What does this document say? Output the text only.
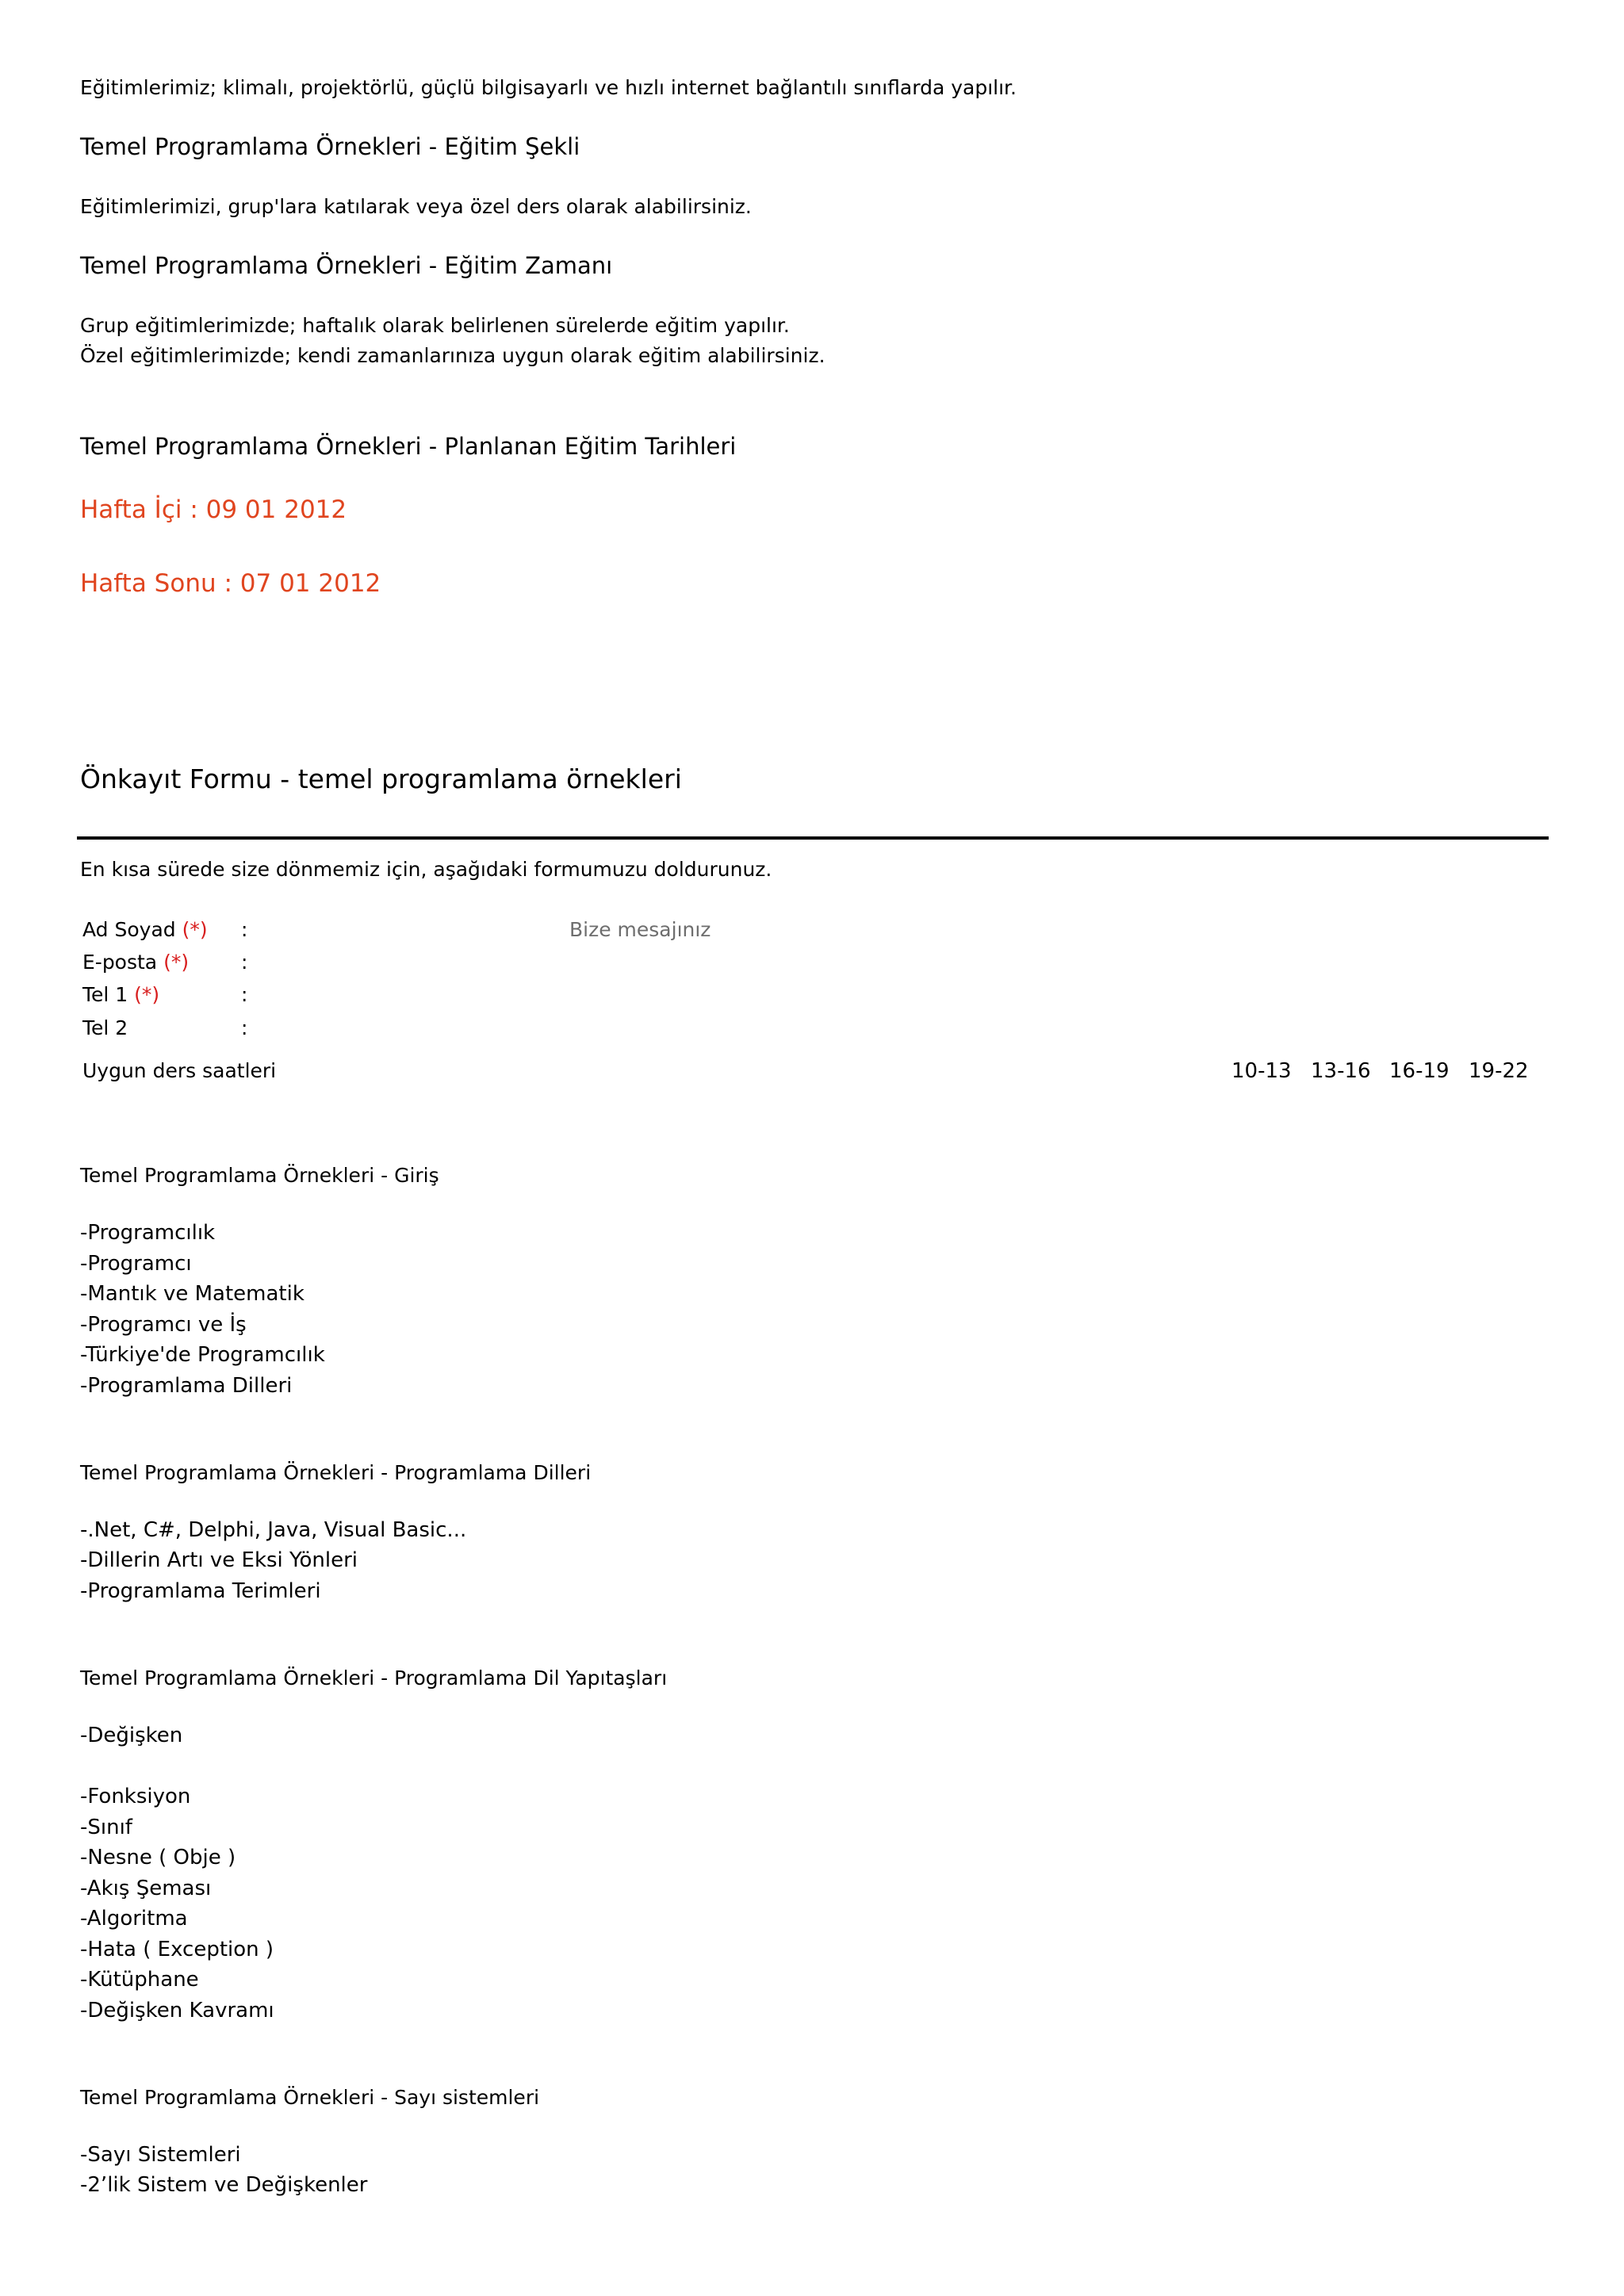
Eğitimlerimiz; klimalı, projektörlü, güçlü bilgisayarlı ve hızlı internet bağlantılı sınıflarda yapılır.
Temel Programlama Örnekleri - Eğitim Şekli
Eğitimlerimizi, grup'lara katılarak veya özel ders olarak alabilirsiniz.
Temel Programlama Örnekleri - Eğitim Zamanı
Grup eğitimlerimizde; haftalık olarak belirlenen sürelerde eğitim yapılır.
Özel eğitimlerimizde; kendi zamanlarınıza uygun olarak eğitim alabilirsiniz.
Temel Programlama Örnekleri - Planlanan Eğitim Tarihleri
Hafta İçi : 09 01 2012
Hafta Sonu : 07 01 2012
Önkayıt Formu - temel programlama örnekleri
En kısa sürede size dönmemiz için, aşağıdaki formumuzu doldurunuz.
Ad Soyad (*) :
E-posta (*)	:
Tel 1 (*)	:
Tel 2	:
Bize mesajınız
Uygun ders saatleri	10-13 13-16 16-19 19-22
Temel Programlama Örnekleri - Giriş
-Programcılık
-Programcı
-Mantık ve Matematik
-Programcı ve İş
-Türkiye'de Programcılık
-Programlama Dilleri
Temel Programlama Örnekleri - Programlama Dilleri
-.Net, C#, Delphi, Java, Visual Basic...
-Dillerin Artı ve Eksi Yönleri
-Programlama Terimleri
Temel Programlama Örnekleri - Programlama Dil Yapıtaşları
-Değişken
-Fonksiyon
-Sınıf
-Nesne ( Obje )
-Akış Şeması
-Algoritma
-Hata ( Exception )
-Kütüphane
-Değişken Kavramı
Temel Programlama Örnekleri - Sayı sistemleri
-Sayı Sistemleri
-2’lik Sistem ve Değişkenler
